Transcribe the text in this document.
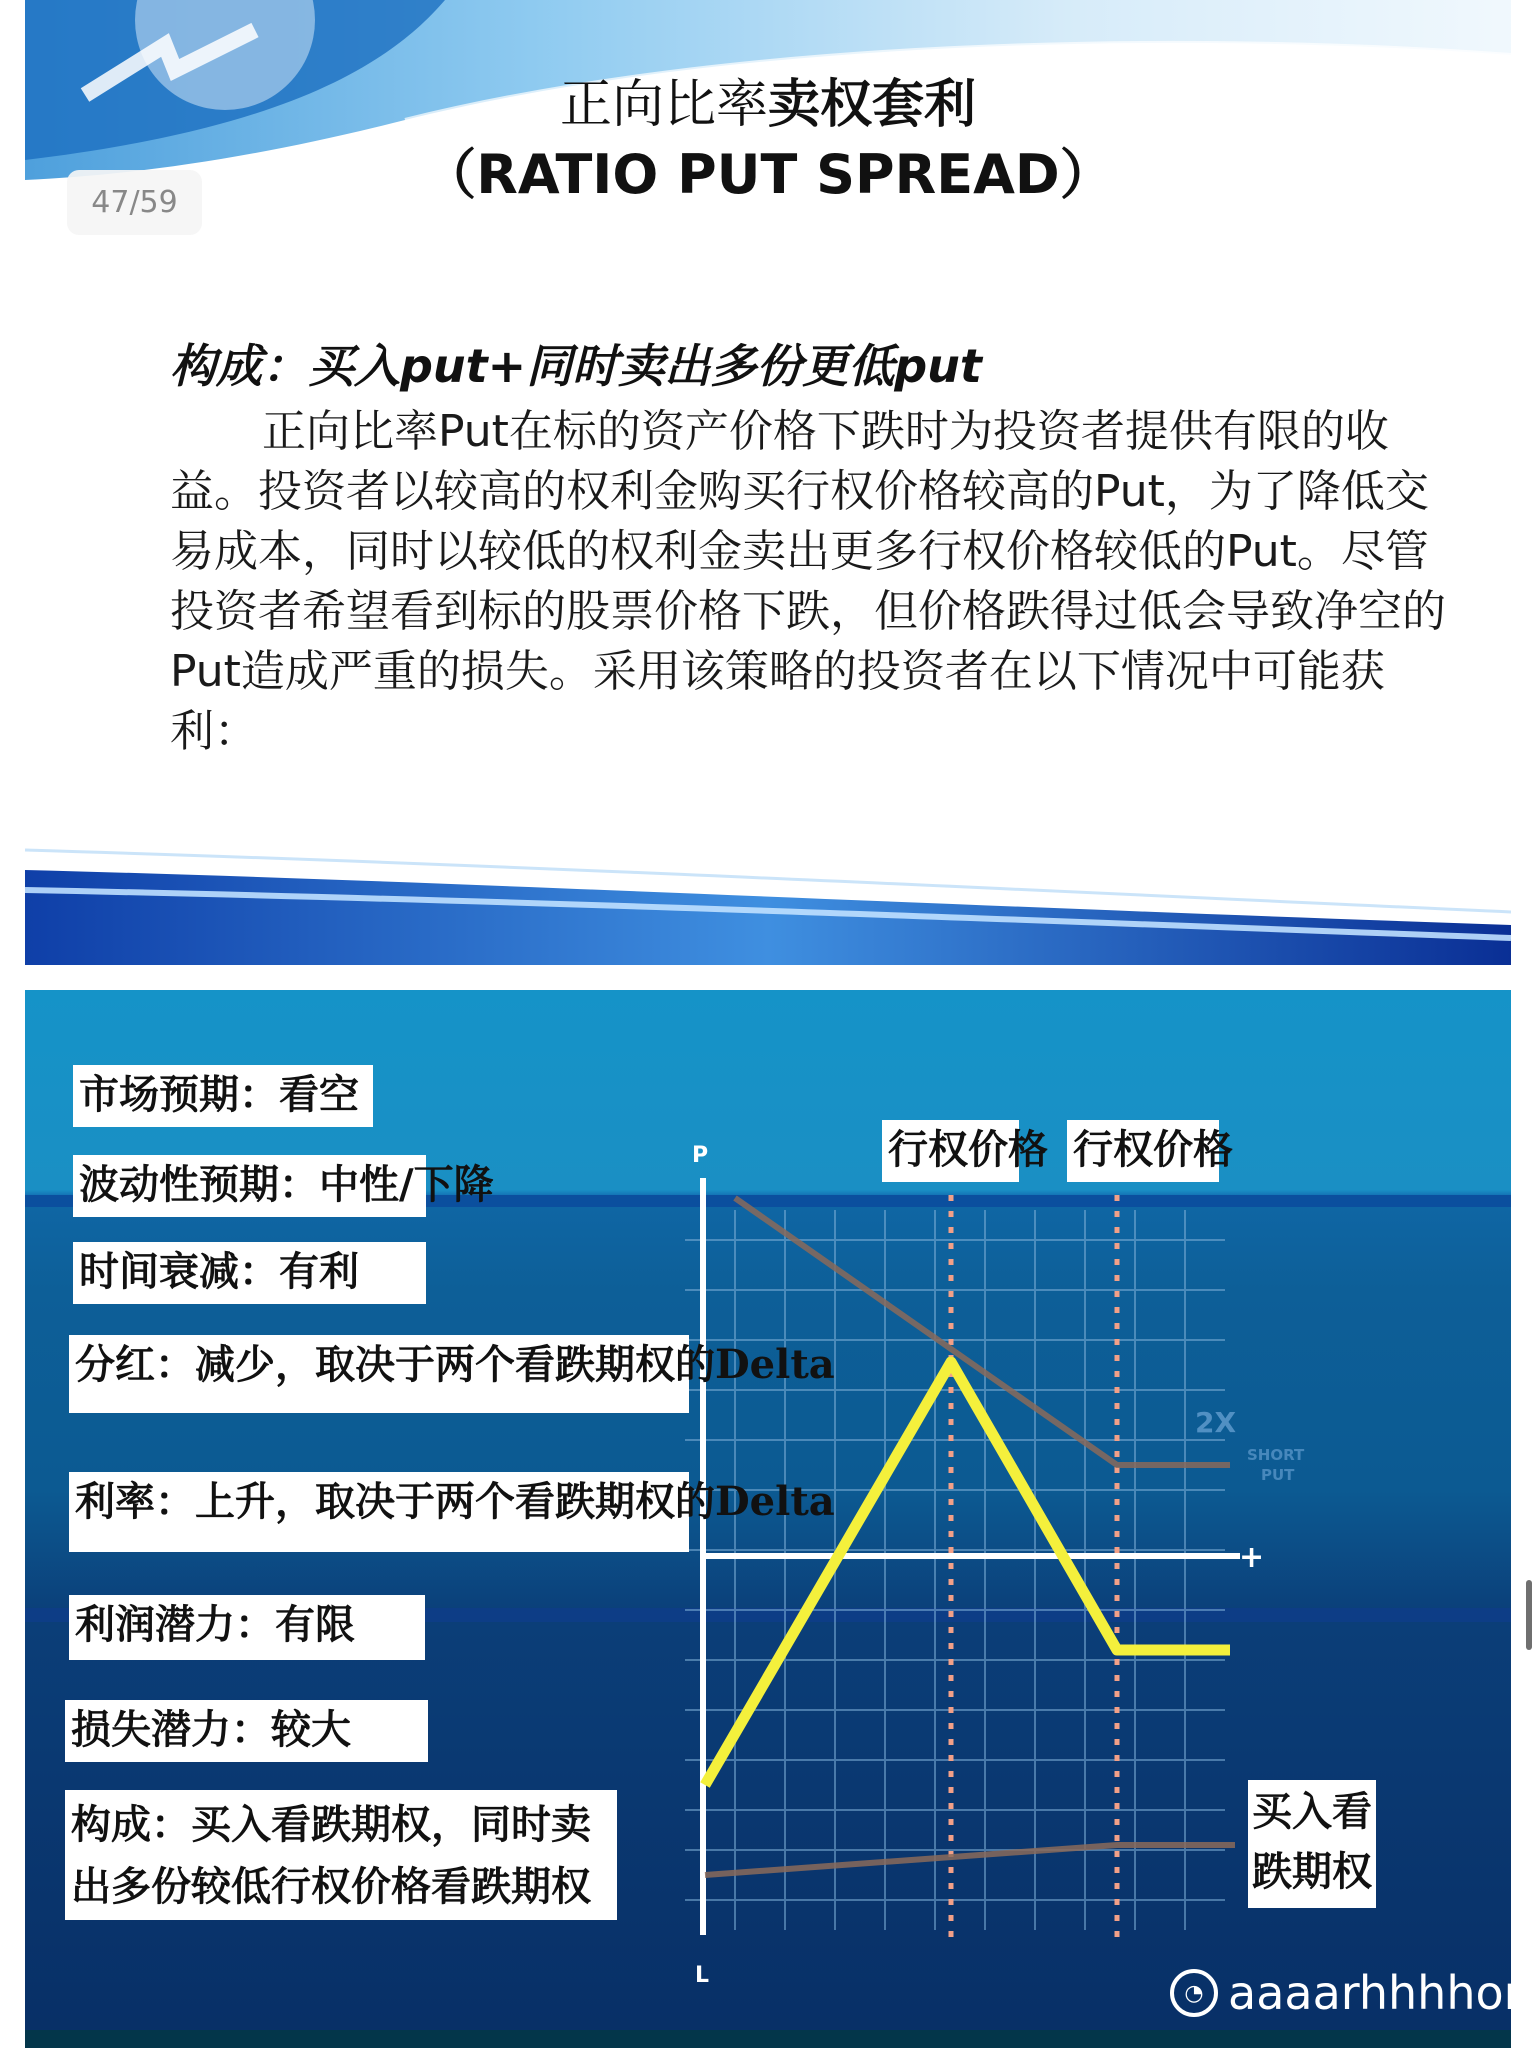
47/59
正向比率卖权套利
（RATIO PUT SPREAD）
构成：买入put+同时卖出多份更低put
正向比率Put在标的资产价格下跌时为投资者提供有限的收益。投资者以较高的权利金购买行权价格较高的Put，为了降低交易成本，同时以较低的权利金卖出更多行权价格较低的Put。尽管投资者希望看到标的股票价格下跌，但价格跌得过低会导致净空的Put造成严重的损失。采用该策略的投资者在以下情况中可能获利：
P
L
+
2X
SHORT
PUT
市场预期：看空
波动性预期：中性/下降
时间衰减：有利
分红：减少，取决于两个看跌期权的Delta
利率：上升，取决于两个看跌期权的Delta
利润潜力：有限
损失潜力：较大
构成：买入看跌期权，同时卖出多份较低行权价格看跌期权
行权价格 行权价格
买入看跌期权
◔ aaaarhhhhon
